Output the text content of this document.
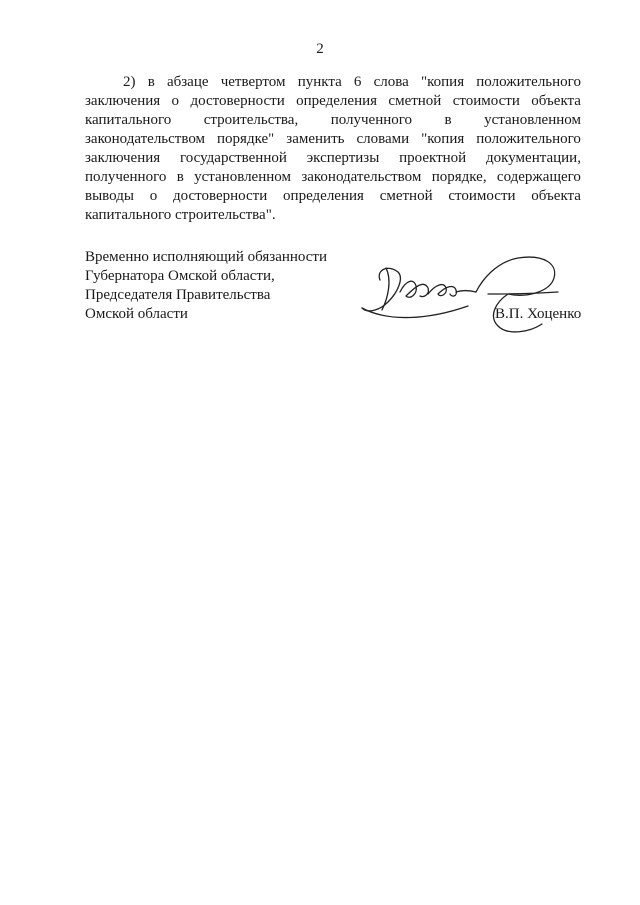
2
2) в абзаце четвертом пункта 6 слова "копия положительного
заключения о достоверности определения сметной стоимости объекта
капитального строительства, полученного в установленном
законодательством порядке" заменить словами "копия положительного
заключения государственной экспертизы проектной документации,
полученного в установленном законодательством порядке, содержащего
выводы о достоверности определения сметной стоимости объекта
капитального строительства".
Временно исполняющий обязанности
Губернатора Омской области,
Председателя Правительства
Омской области	В.П. Хоценко
